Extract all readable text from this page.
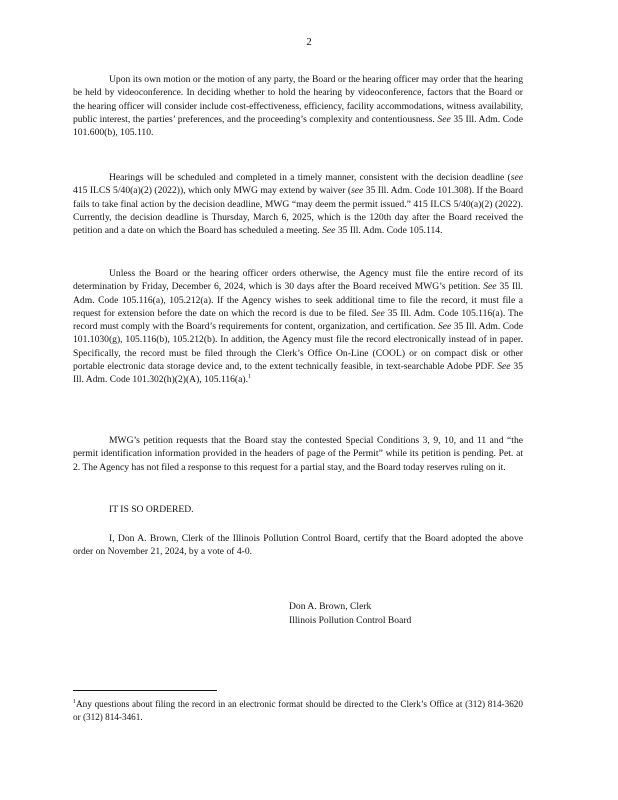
2

Upon its own motion or the motion of any party, the Board or the hearing officer may order that the hearing be held by videoconference. In deciding whether to hold the hearing by videoconference, factors that the Board or the hearing officer will consider include cost-effectiveness, efficiency, facility accommodations, witness availability, public interest, the parties’ preferences, and the proceeding’s complexity and contentiousness. See 35 Ill. Adm. Code 101.600(b), 105.110.

Hearings will be scheduled and completed in a timely manner, consistent with the decision deadline (see 415 ILCS 5/40(a)(2) (2022)), which only MWG may extend by waiver (see 35 Ill. Adm. Code 101.308). If the Board fails to take final action by the decision deadline, MWG “may deem the permit issued.” 415 ILCS 5/40(a)(2) (2022). Currently, the decision deadline is Thursday, March 6, 2025, which is the 120th day after the Board received the petition and a date on which the Board has scheduled a meeting. See 35 Ill. Adm. Code 105.114.

Unless the Board or the hearing officer orders otherwise, the Agency must file the entire record of its determination by Friday, December 6, 2024, which is 30 days after the Board received MWG’s petition. See 35 Ill. Adm. Code 105.116(a), 105.212(a). If the Agency wishes to seek additional time to file the record, it must file a request for extension before the date on which the record is due to be filed. See 35 Ill. Adm. Code 105.116(a). The record must comply with the Board’s requirements for content, organization, and certification. See 35 Ill. Adm. Code 101.1030(g), 105.116(b), 105.212(b). In addition, the Agency must file the record electronically instead of in paper. Specifically, the record must be filed through the Clerk’s Office On-Line (COOL) or on compact disk or other portable electronic data storage device and, to the extent technically feasible, in text-searchable Adobe PDF. See 35 Ill. Adm. Code 101.302(h)(2)(A), 105.116(a).$^1$

MWG’s petition requests that the Board stay the contested Special Conditions 3, 9, 10, and 11 and “the permit identification information provided in the headers of page of the Permit” while its petition is pending. Pet. at 2. The Agency has not filed a response to this request for a partial stay, and the Board today reserves ruling on it.

IT IS SO ORDERED.

I, Don A. Brown, Clerk of the Illinois Pollution Control Board, certify that the Board adopted the above order on November 21, 2024, by a vote of 4-0.

Don A. Brown, Clerk
Illinois Pollution Control Board
$^1$Any questions about filing the record in an electronic format should be directed to the Clerk’s Office at (312) 814-3620 or (312) 814-3461.
